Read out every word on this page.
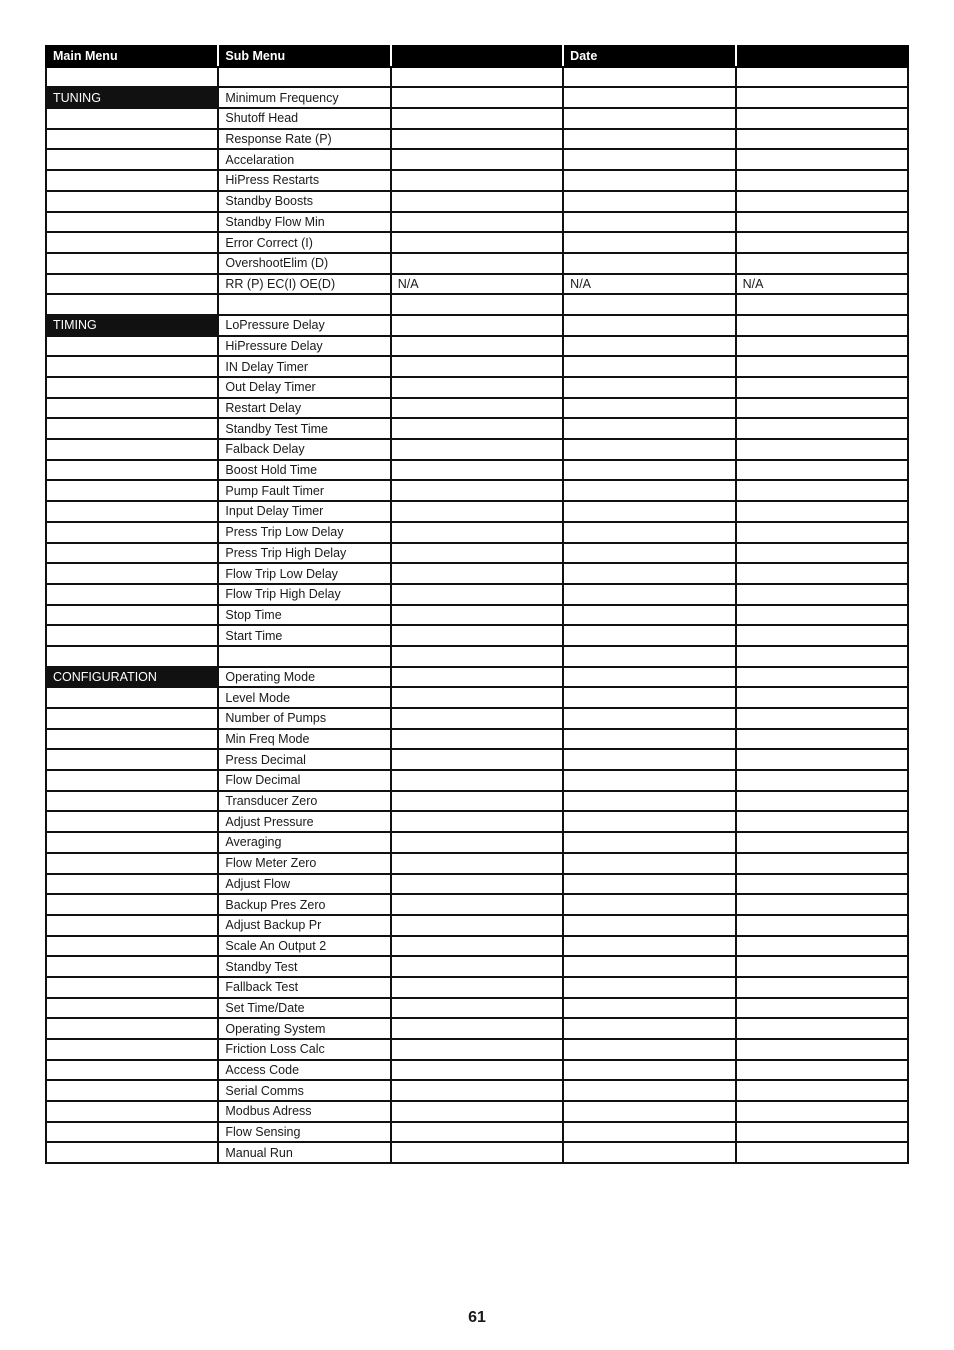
Main Menu	Sub Menu		Date	

TUNING	Minimum Frequency			
	Shutoff Head			
	Response Rate (P)			
	Accelaration			
	HiPress Restarts			
	Standby Boosts			
	Standby Flow Min			
	Error Correct (I)			
	OvershootElim (D)			
	RR (P) EC(I) OE(D)	N/A	N/A	N/A

TIMING	LoPressure Delay			
	HiPressure Delay			
	IN Delay Timer			
	Out Delay Timer			
	Restart Delay			
	Standby Test Time			
	Falback Delay			
	Boost Hold Time			
	Pump Fault Timer			
	Input Delay Timer			
	Press Trip Low Delay			
	Press Trip High Delay			
	Flow Trip Low Delay			
	Flow Trip High Delay			
	Stop Time			
	Start Time			

CONFIGURATION	Operating Mode			
	Level Mode			
	Number of Pumps			
	Min Freq Mode			
	Press Decimal			
	Flow Decimal			
	Transducer Zero			
	Adjust Pressure			
	Averaging			
	Flow Meter Zero			
	Adjust Flow			
	Backup Pres Zero			
	Adjust Backup Pr			
	Scale An Output 2			
	Standby Test			
	Fallback Test			
	Set Time/Date			
	Operating System			
	Friction Loss Calc			
	Access Code			
	Serial Comms			
	Modbus Adress			
	Flow Sensing			
	Manual Run			
61
